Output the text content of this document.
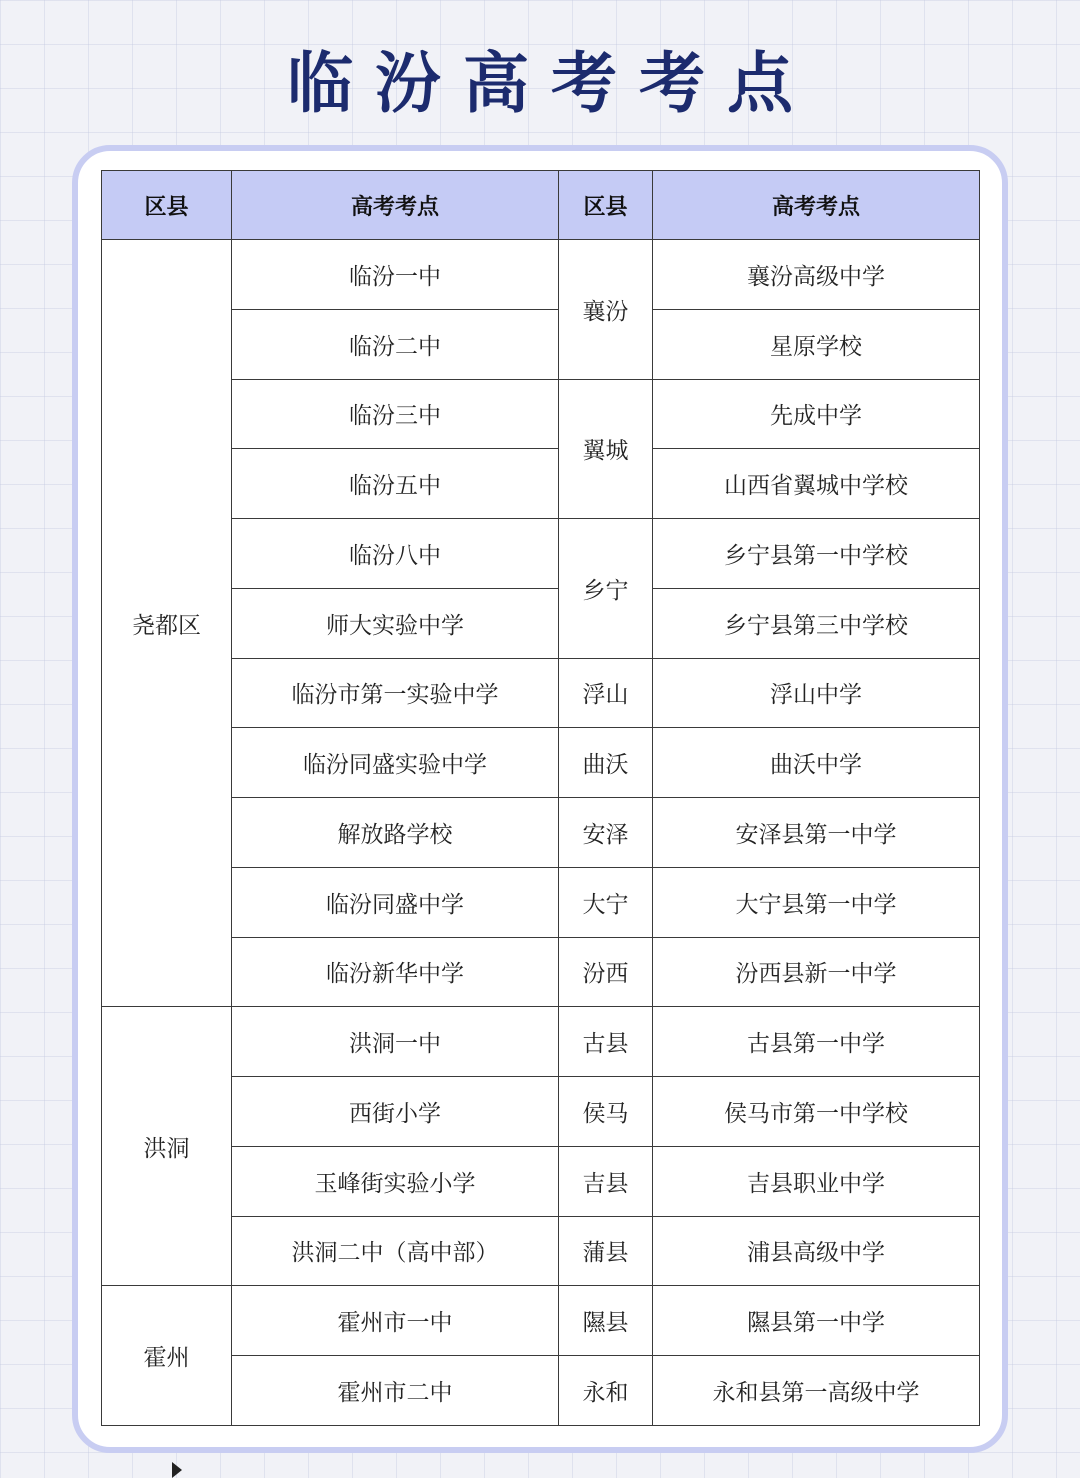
临汾高考考点
区县	高考考点	区县	高考考点
尧都区	临汾一中	襄汾	襄汾高级中学
	临汾二中		星原学校
	临汾三中	翼城	先成中学
	临汾五中		山西省翼城中学校
	临汾八中	乡宁	乡宁县第一中学校
	师大实验中学		乡宁县第三中学校
	临汾市第一实验中学	浮山	浮山中学
	临汾同盛实验中学	曲沃	曲沃中学
	解放路学校	安泽	安泽县第一中学
	临汾同盛中学	大宁	大宁县第一中学
	临汾新华中学	汾西	汾西县新一中学
洪洞	洪洞一中	古县	古县第一中学
	西街小学	侯马	侯马市第一中学校
	玉峰街实验小学	吉县	吉县职业中学
	洪洞二中（高中部）	蒲县	浦县高级中学
霍州	霍州市一中	隰县	隰县第一中学
	霍州市二中	永和	永和县第一高级中学
